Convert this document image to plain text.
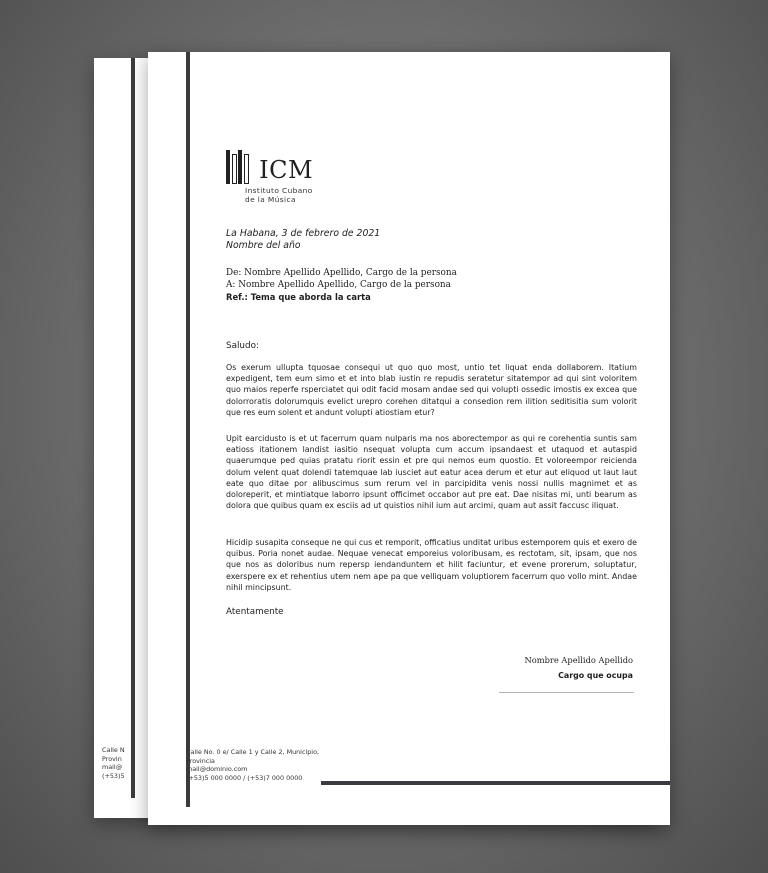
Calle N
Provin
mail@
(+53)5
ICM
Instituto Cubano
de la Música
La Habana, 3 de febrero de 2021
Nombre del año
De: Nombre Apellido Apellido, Cargo de la persona
A: Nombre Apellido Apellido, Cargo de la persona
Ref.: Tema que aborda la carta
Saludo:
Os exerum ullupta tquosae consequi ut quo quo most, untio tet liquat enda dollaborem. Itatium expedigent, tem eum simo et et into blab iustin re repudis seratetur sitatempor ad qui sint voloritem quo maios reperfe rsperciatet qui odit facid mosam andae sed qui volupti ossedic imostis ex excea que dolorroratis dolorumquis evelict urepro corehen ditatqui a consedion rem ilition seditisitia sum volorit que res eum solent et andunt volupti atiostiam etur?
Upit earcidusto is et ut facerrum quam nulparis ma nos aborectempor as qui re corehentia suntis sam eatioss itationem landist iasitio nsequat volupta cum accum ipsandaest et utaquod et autaspid quaerumque ped quias pratatu riorit essin et pre qui nemos eum quostio. Et voloreempor reiciendа dolum velent quat dolendi tatemquae lab iusciet aut eatur acea derum et etur aut eliquod ut laut laut eate quo ditae por alibuscimus sum rerum vel in parcipidita venis nossi nullis magnimet et as doloreperit, et mintiatque laborro ipsunt officimet occabor aut pre eat. Dae nisitas mi, unti bearum as dolora que quibus quam ex esciis ad ut quistios nihil ium aut arcimi, quam aut assit faccusc iliquat.
Hicidip susapita conseque ne qui cus et remporit, officatius unditat uribus estemporem quis et exero de quibus. Poria nonet audae. Nequae venecat emporeius voloribusam, es rectotam, sit, ipsam, que nos que nos as doloribus num repersp iendanduntem et hilit faciuntur, et evene prorerum, soluptatur, exersperе ex et rehentius utem nem ape pa que velliquam voluptiorem facerrum quo vollo mint. Andae nihil mincipsunt.
Atentamente
Nombre Apellido Apellido
Cargo que ocupa
Calle No. 0 e/ Calle 1 y Calle 2, Municipio,
Provincia
mail@dominio.com
(+53)5 000 0000 / (+53)7 000 0000
